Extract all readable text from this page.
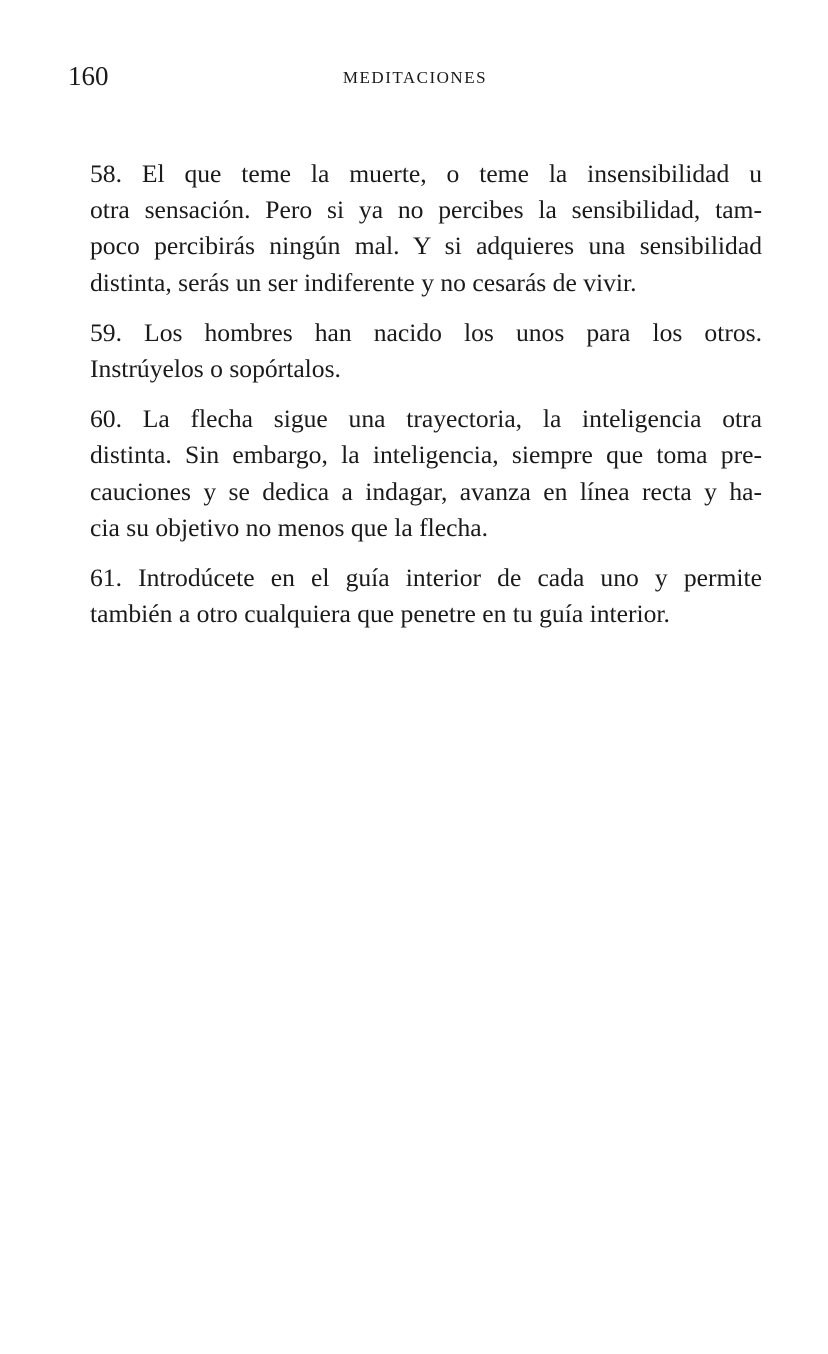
160	MEDITACIONES

58. El que teme la muerte, o teme la insensibilidad u
otra sensación. Pero si ya no percibes la sensibilidad, tam-
poco percibirás ningún mal. Y si adquieres una sensibilidad
distinta, serás un ser indiferente y no cesarás de vivir.

59. Los hombres han nacido los unos para los otros.
Instrúyelos o sopórtalos.

60. La flecha sigue una trayectoria, la inteligencia otra
distinta. Sin embargo, la inteligencia, siempre que toma pre-
cauciones y se dedica a indagar, avanza en línea recta y ha-
cia su objetivo no menos que la flecha.

61. Introdúcete en el guía interior de cada uno y permite
también a otro cualquiera que penetre en tu guía interior.
